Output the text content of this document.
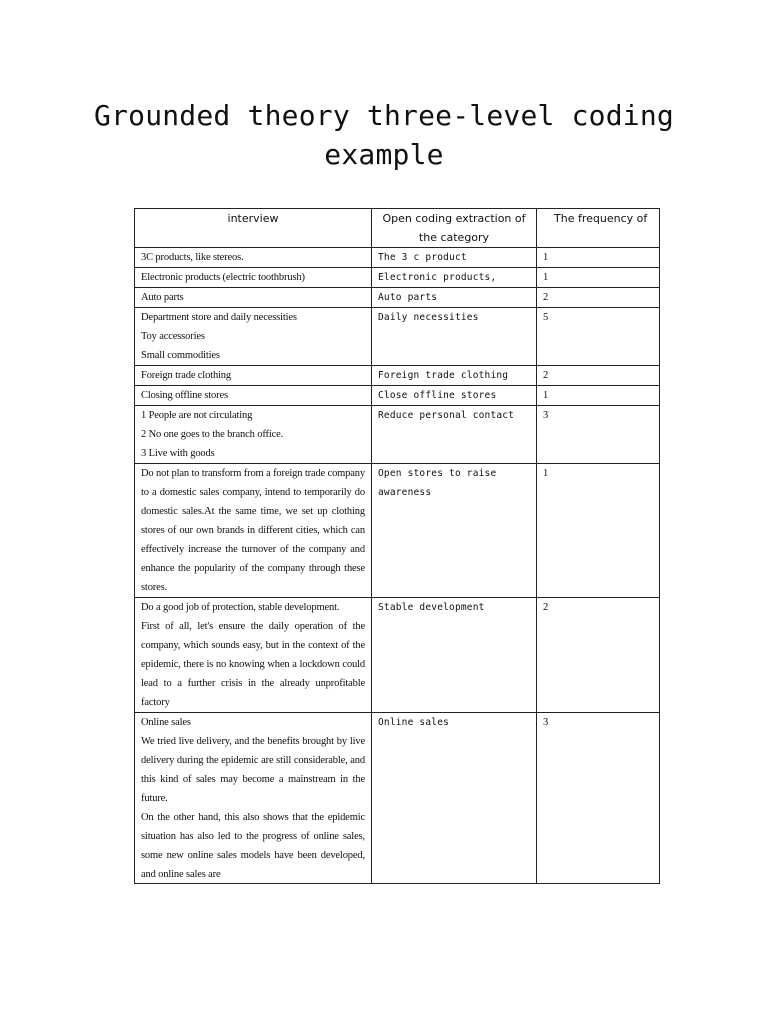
Grounded theory three-level coding
example
interview	Open coding extraction of the category	The frequency of

3C products, like stereos.	The 3 c product	1

Electronic products (electric toothbrush)	Electronic products,	1

Auto parts	Auto parts	2

Department store and daily necessities
Toy accessories
Small commodities	Daily necessities	5

Foreign trade clothing	Foreign trade clothing	2

Closing offline stores	Close offline stores	1

1 People are not circulating
2 No one goes to the branch office.
3 Live with goods	Reduce personal contact	3

Do not plan to transform from a foreign trade company to a domestic sales company, intend to temporarily do domestic sales.At the same time, we set up clothing stores of our own brands in different cities, which can effectively increase the turnover of the company and enhance the popularity of the company through these stores.	Open stores to raise awareness	1

Do a good job of protection, stable development.
First of all, let's ensure the daily operation of the company, which sounds easy, but in the context of the epidemic, there is no knowing when a lockdown could lead to a further crisis in the already unprofitable factory	Stable development	2

Online sales
We tried live delivery, and the benefits brought by live delivery during the epidemic are still considerable, and this kind of sales may become a mainstream in the future.
On the other hand, this also shows that the epidemic situation has also led to the progress of online sales, some new online sales models have been developed, and online sales are	Online sales	3
